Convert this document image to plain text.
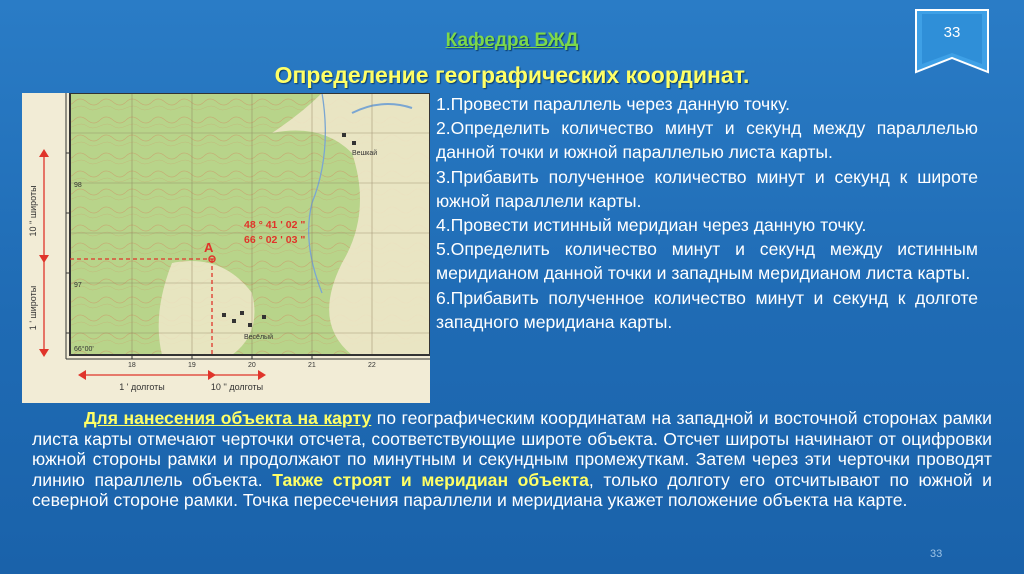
Кафедра БЖД
Определение географических координат.
33
48 ° 41 ' 02 "
66 ° 02 ' 03 "
A
10 '' широты
1 ' широты
1 ' долготы	10 '' долготы
66°00'
18	19	20	21	22
98
97
Вешкай
Весёлый

1.Провести параллель через данную точку.

2.Определить количество минут и секунд между параллелью данной точки и южной параллелью листа карты.

3.Прибавить полученное количество минут и секунд к широте южной параллели карты.

4.Провести истинный меридиан через данную точку.

5.Определить количество минут и секунд между истинным меридианом данной точки и западным меридианом листа карты.

6.Прибавить полученное количество минут и секунд к долготе западного меридиана карты.

Для нанесения объекта на карту по географическим координатам на западной и восточной сторонах рамки листа карты отмечают черточки отсчета, соответствующие широте объекта. Отсчет широты начинают от оцифровки южной стороны рамки и продолжают по минутным и секундным промежуткам. Затем через эти черточки проводят линию параллель объекта. Также строят и меридиан объекта, только долготу его отсчитывают по южной и северной стороне рамки. Точка пересечения параллели и меридиана укажет положение объекта на карте.
33
